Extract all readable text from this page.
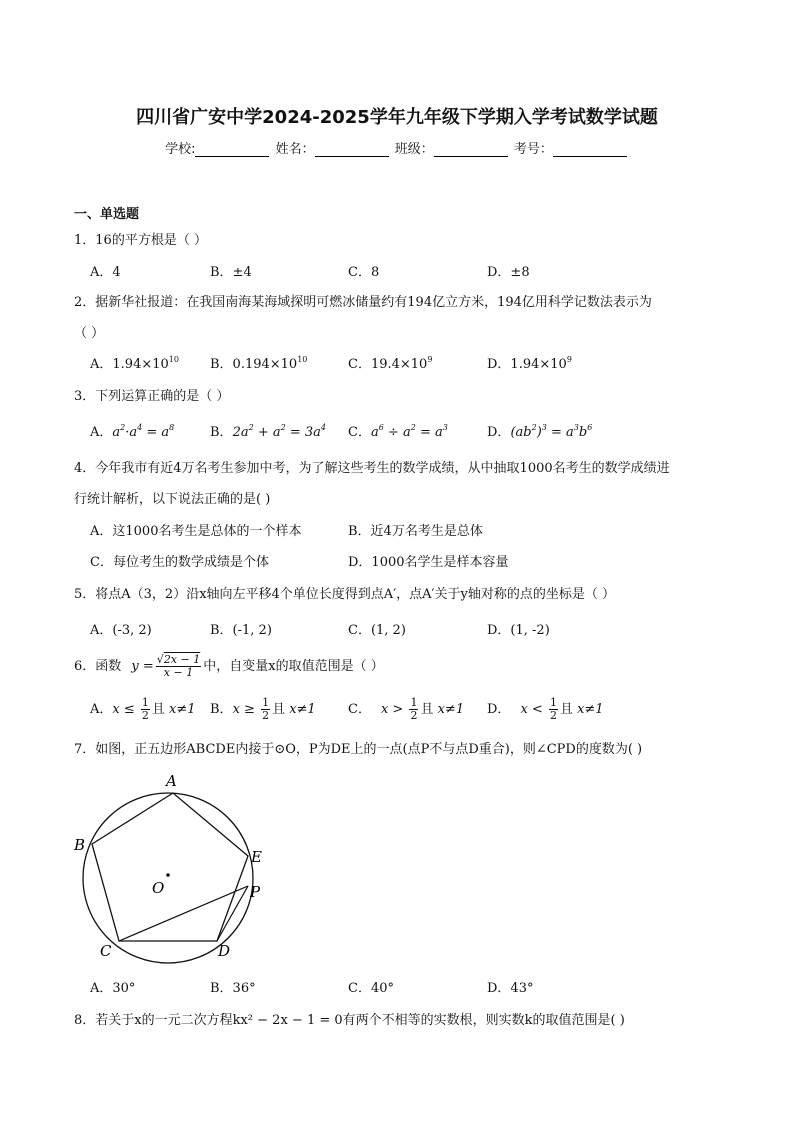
四川省广安中学2024-2025学年九年级下学期入学考试数学试题
学校:	姓名：	班级：	考号：
一、单选题
1．16的平方根是（ ）
A．4	B．±4	C．8	D．±8
2．据新华社报道：在我国南海某海域探明可燃冰储量约有194亿立方米，194亿用科学记数法表示为
（ ）
A．$1.94\times 10^{10}$ B．$0.194\times 10^{10}$	C．$19.4\times 10^9$	D．$1.94\times 10^9$
3．下列运算正确的是（ ）
A．$a^2\cdot a^4 = a^8$	B．$2a^2 + a^2 = 3a^4$ C．$a^6 \div a^2 = a^3$	D．$(ab^2)^3 = a^3b^6$
4．今年我市有近4万名考生参加中考，为了解这些考生的数学成绩，从中抽取1000名考生的数学成绩进
行统计解析，以下说法正确的是( )
A．这1000名考生是总体的一个样本	B．近4万名考生是总体
C．每位考生的数学成绩是个体	D．1000名学生是样本容量
5．将点A（3，2）沿x轴向左平移4个单位长度得到点A′，点A′关于y轴对称的点的坐标是（ ）
A．(-3, 2)	B．(-1, 2)	C．(1, 2)	D．(1, -2)
6．函数 $y = \frac{√2x - 1}{x - 1}$ 中，自变量x的取值范围是（ ）
A．$x \le \frac{1}{2}$ 且 x≠1 B．$x \ge \frac{1}{2}$ 且 x≠1 C． $x > \frac{1}{2}$ 且 x≠1 D． $x < \frac{1}{2}$ 且 x≠1
7．如图，正五边形ABCDE内接于⊙O，P为DE上的一点(点P不与点D重合)，则∠CPD的度数为( )
A
B
C	D
E
O	P
A．30°	B．36°	C．40°	D．43°
8．若关于x的一元二次方程kx² − 2x − 1 = 0有两个不相等的实数根，则实数k的取值范围是( )
